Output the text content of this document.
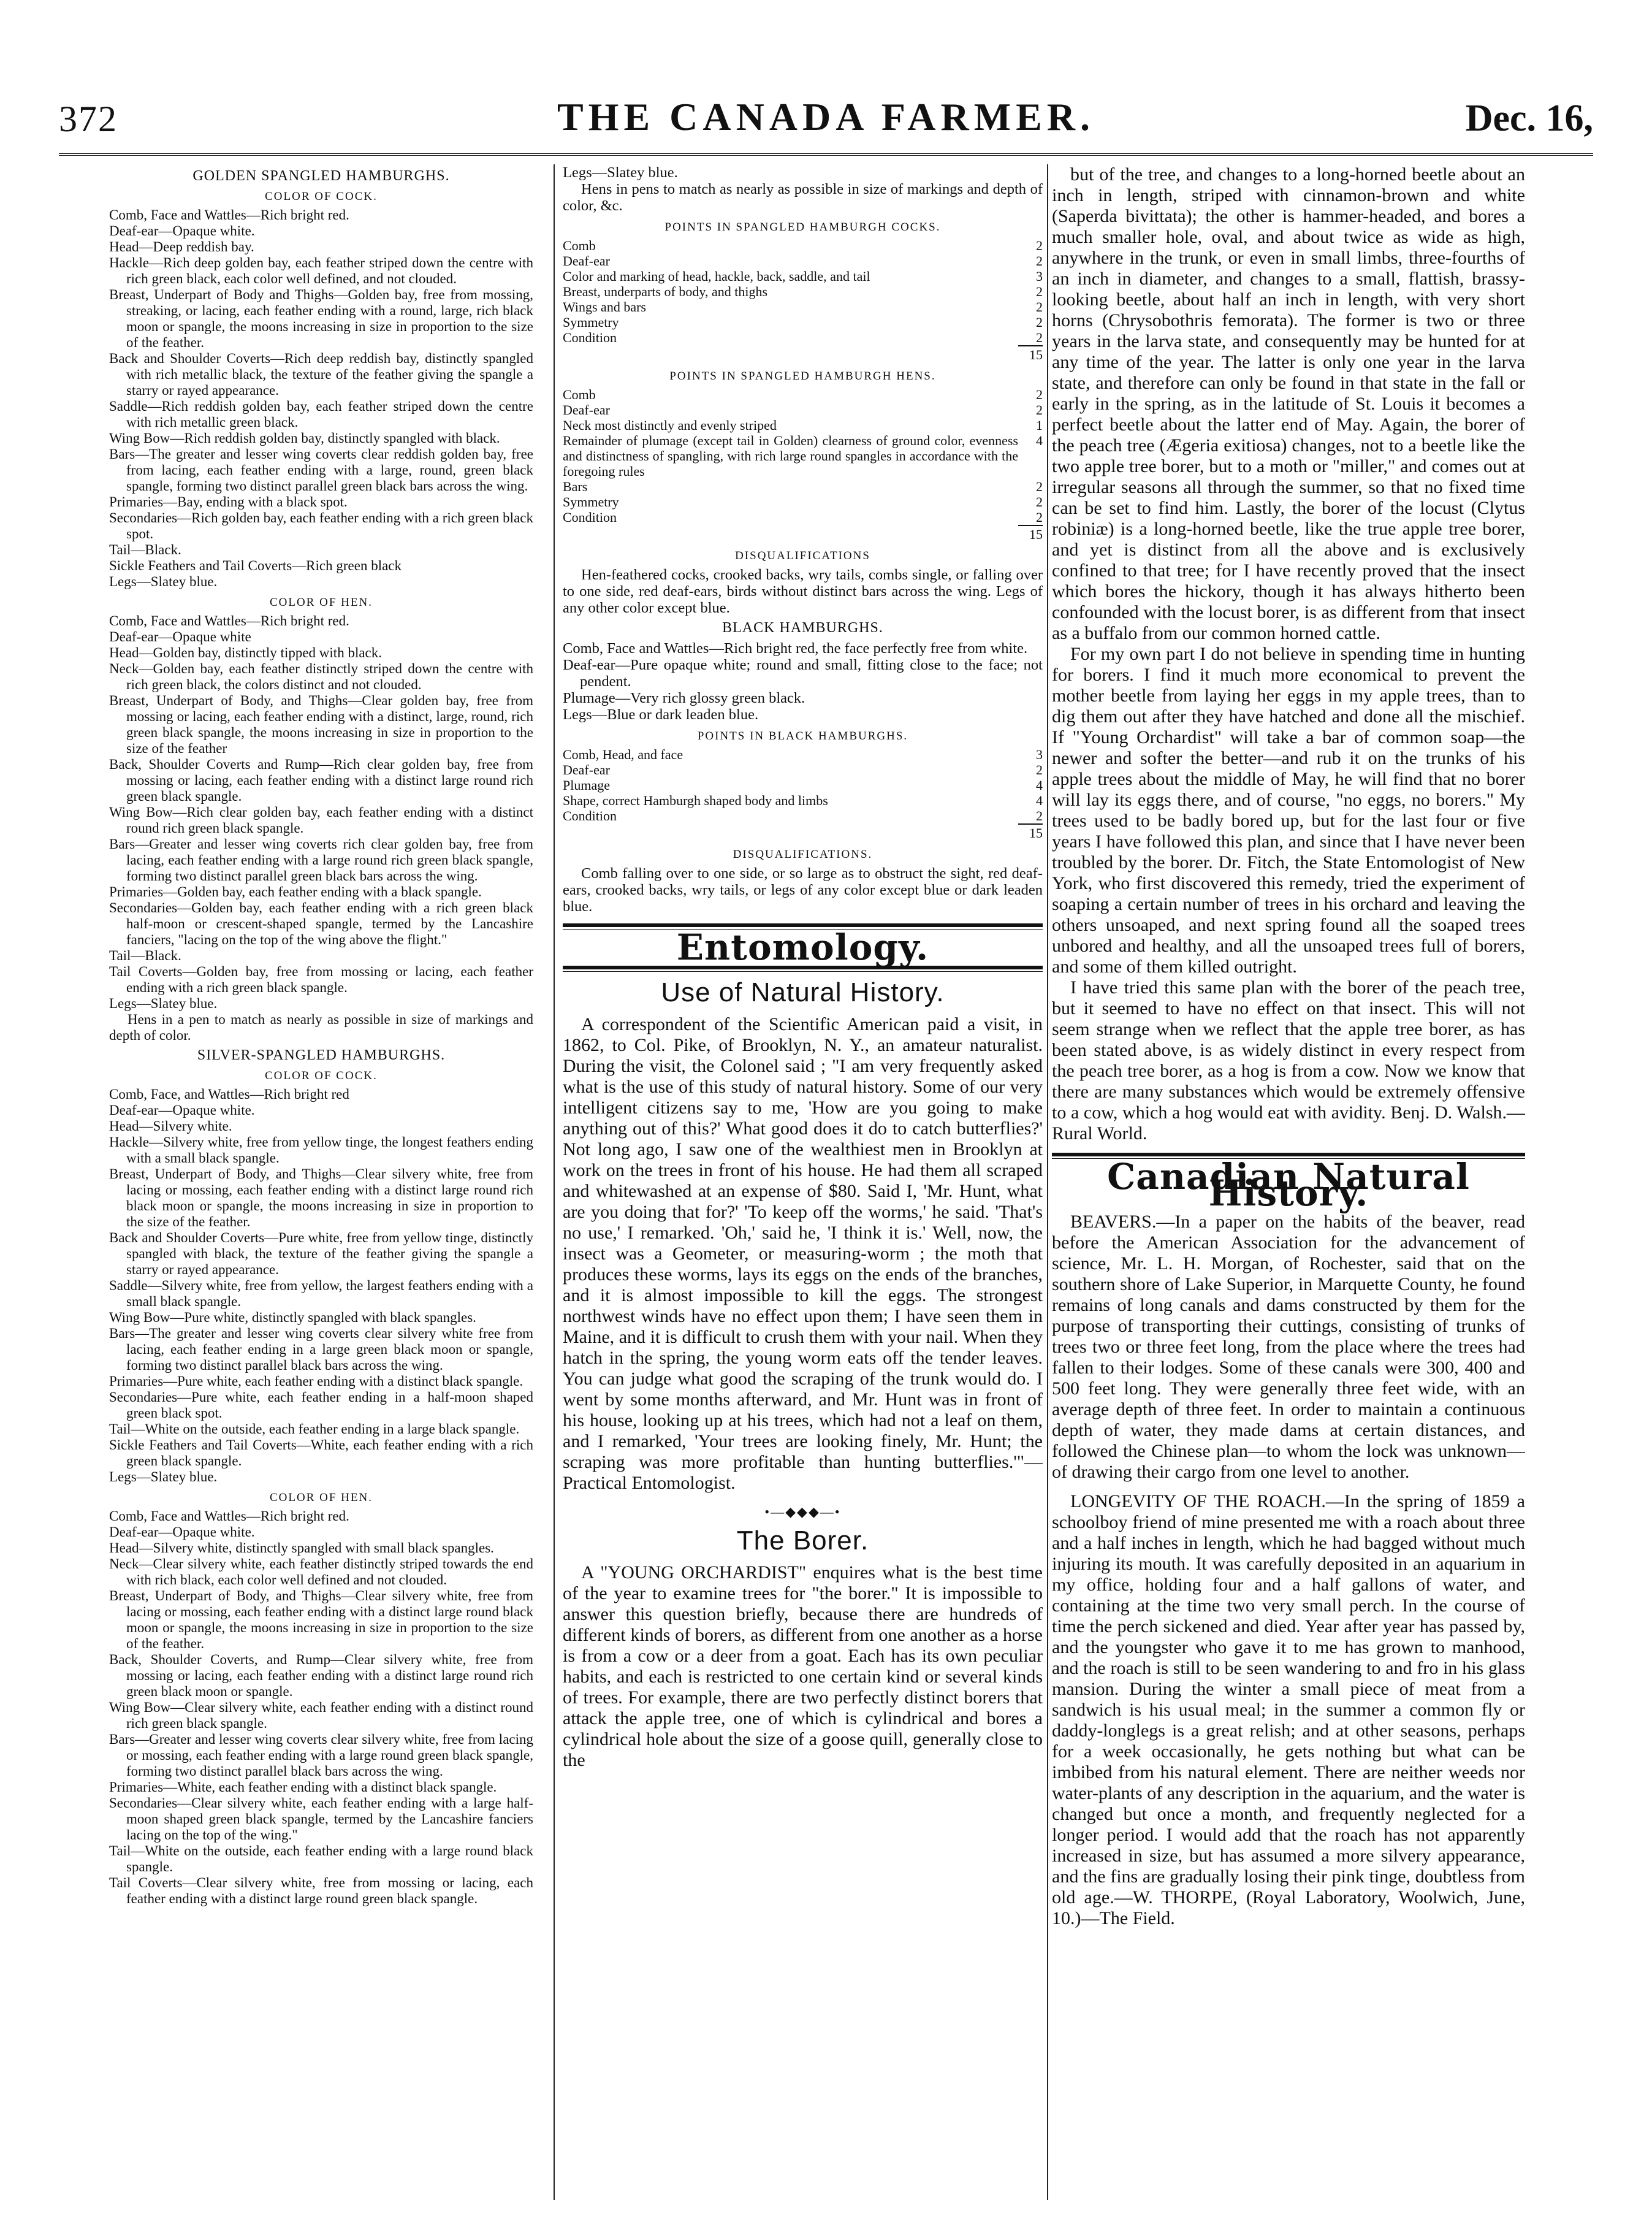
372	THE CANADA FARMER.	Dec. 16,
GOLDEN SPANGLED HAMBURGHS.
COLOR OF COCK.

Comb, Face and Wattles—Rich bright red.

Deaf-ear—Opaque white.

Head—Deep reddish bay.

Hackle—Rich deep golden bay, each feather striped down the centre with rich green black, each color well defined, and not clouded.

Breast, Underpart of Body and Thighs—Golden bay, free from mossing, streaking, or lacing, each feather ending with a round, large, rich black moon or spangle, the moons increasing in size in proportion to the size of the feather.

Back and Shoulder Coverts—Rich deep reddish bay, distinctly spangled with rich metallic black, the texture of the feather giving the spangle a starry or rayed appearance.

Saddle—Rich reddish golden bay, each feather striped down the centre with rich metallic green black.

Wing Bow—Rich reddish golden bay, distinctly spangled with black.

Bars—The greater and lesser wing coverts clear reddish golden bay, free from lacing, each feather ending with a large, round, green black spangle, forming two distinct parallel green black bars across the wing.

Primaries—Bay, ending with a black spot.

Secondaries—Rich golden bay, each feather ending with a rich green black spot.

Tail—Black.

Sickle Feathers and Tail Coverts—Rich green black

Legs—Slatey blue.

COLOR OF HEN.

Comb, Face and Wattles—Rich bright red.

Deaf-ear—Opaque white

Head—Golden bay, distinctly tipped with black.

Neck—Golden bay, each feather distinctly striped down the centre with rich green black, the colors distinct and not clouded.

Breast, Underpart of Body, and Thighs—Clear golden bay, free from mossing or lacing, each feather ending with a distinct, large, round, rich green black spangle, the moons increasing in size in proportion to the size of the feather

Back, Shoulder Coverts and Rump—Rich clear golden bay, free from mossing or lacing, each feather ending with a distinct large round rich green black spangle.

Wing Bow—Rich clear golden bay, each feather ending with a distinct round rich green black spangle.

Bars—Greater and lesser wing coverts rich clear golden bay, free from lacing, each feather ending with a large round rich green black spangle, forming two distinct parallel green black bars across the wing.

Primaries—Golden bay, each feather ending with a black spangle.

Secondaries—Golden bay, each feather ending with a rich green black half-moon or crescent-shaped spangle, termed by the Lancashire fanciers, "lacing on the top of the wing above the flight."

Tail—Black.

Tail Coverts—Golden bay, free from mossing or lacing, each feather ending with a rich green black spangle.

Legs—Slatey blue.

Hens in a pen to match as nearly as possible in size of markings and depth of color.

SILVER-SPANGLED HAMBURGHS.
COLOR OF COCK.

Comb, Face, and Wattles—Rich bright red

Deaf-ear—Opaque white.

Head—Silvery white.

Hackle—Silvery white, free from yellow tinge, the longest feathers ending with a small black spangle.

Breast, Underpart of Body, and Thighs—Clear silvery white, free from lacing or mossing, each feather ending with a distinct large round rich black moon or spangle, the moons increasing in size in proportion to the size of the feather.

Back and Shoulder Coverts—Pure white, free from yellow tinge, distinctly spangled with black, the texture of the feather giving the spangle a starry or rayed appearance.

Saddle—Silvery white, free from yellow, the largest feathers ending with a small black spangle.

Wing Bow—Pure white, distinctly spangled with black spangles.

Bars—The greater and lesser wing coverts clear silvery white free from lacing, each feather ending in a large green black moon or spangle, forming two distinct parallel black bars across the wing.

Primaries—Pure white, each feather ending with a distinct black spangle.

Secondaries—Pure white, each feather ending in a half-moon shaped green black spot.

Tail—White on the outside, each feather ending in a large black spangle.

Sickle Feathers and Tail Coverts—White, each feather ending with a rich green black spangle.

Legs—Slatey blue.

COLOR OF HEN.

Comb, Face and Wattles—Rich bright red.

Deaf-ear—Opaque white.

Head—Silvery white, distinctly spangled with small black spangles.

Neck—Clear silvery white, each feather distinctly striped towards the end with rich black, each color well defined and not clouded.

Breast, Underpart of Body, and Thighs—Clear silvery white, free from lacing or mossing, each feather ending with a distinct large round black moon or spangle, the moons increasing in size in proportion to the size of the feather.

Back, Shoulder Coverts, and Rump—Clear silvery white, free from mossing or lacing, each feather ending with a distinct large round rich green black moon or spangle.

Wing Bow—Clear silvery white, each feather ending with a distinct round rich green black spangle.

Bars—Greater and lesser wing coverts clear silvery white, free from lacing or mossing, each feather ending with a large round green black spangle, forming two distinct parallel black bars across the wing.

Primaries—White, each feather ending with a distinct black spangle.

Secondaries—Clear silvery white, each feather ending with a large half-moon shaped green black spangle, termed by the Lancashire fanciers lacing on the top of the wing."

Tail—White on the outside, each feather ending with a large round black spangle.

Tail Coverts—Clear silvery white, free from mossing or lacing, each feather ending with a distinct large round green black spangle.

Legs—Slatey blue.

Hens in pens to match as nearly as possible in size of markings and depth of color, &c.

POINTS IN SPANGLED HAMBURGH COCKS.
Comb	2
Deaf-ear	2
Color and marking of head, hackle, back, saddle, and tail	3
Breast, underparts of body, and thighs	2
Wings and bars	2
Symmetry	2
Condition	2
15
POINTS IN SPANGLED HAMBURGH HENS.
Comb	2
Deaf-ear	2
Neck most distinctly and evenly striped	1
Remainder of plumage (except tail in Golden) clearness of ground color, evenness and distinctness of spangling, with rich large round spangles in accordance with the foregoing rules	4
Bars	2
Symmetry	2
Condition	2
15
DISQUALIFICATIONS

Hen-feathered cocks, crooked backs, wry tails, combs single, or falling over to one side, red deaf-ears, birds without distinct bars across the wing. Legs of any other color except blue.

BLACK HAMBURGHS.

Comb, Face and Wattles—Rich bright red, the face perfectly free from white.

Deaf-ear—Pure opaque white; round and small, fitting close to the face; not pendent.

Plumage—Very rich glossy green black.

Legs—Blue or dark leaden blue.

POINTS IN BLACK HAMBURGHS.
Comb, Head, and face	3
Deaf-ear	2
Plumage	4
Shape, correct Hamburgh shaped body and limbs	4
Condition	2
15
DISQUALIFICATIONS.

Comb falling over to one side, or so large as to obstruct the sight, red deaf-ears, crooked backs, wry tails, or legs of any color except blue or dark leaden blue.

Entomology.
Use of Natural History.

A correspondent of the Scientific American paid a visit, in 1862, to Col. Pike, of Brooklyn, N. Y., an amateur naturalist. During the visit, the Colonel said ; "I am very frequently asked what is the use of this study of natural history. Some of our very intelligent citizens say to me, 'How are you going to make anything out of this?' What good does it do to catch butterflies?' Not long ago, I saw one of the wealthiest men in Brooklyn at work on the trees in front of his house. He had them all scraped and whitewashed at an expense of $80. Said I, 'Mr. Hunt, what are you doing that for?' 'To keep off the worms,' he said. 'That's no use,' I remarked. 'Oh,' said he, 'I think it is.' Well, now, the insect was a Geometer, or measuring-worm ; the moth that produces these worms, lays its eggs on the ends of the branches, and it is almost impossible to kill the eggs. The strongest northwest winds have no effect upon them; I have seen them in Maine, and it is difficult to crush them with your nail. When they hatch in the spring, the young worm eats off the tender leaves. You can judge what good the scraping of the trunk would do. I went by some months afterward, and Mr. Hunt was in front of his house, looking up at his trees, which had not a leaf on them, and I remarked, 'Your trees are looking finely, Mr. Hunt; the scraping was more profitable than hunting butterflies.'"—Practical Entomologist.

•—◆◆◆—•
The Borer.

A "YOUNG ORCHARDIST" enquires what is the best time of the year to examine trees for "the borer." It is impossible to answer this question briefly, because there are hundreds of different kinds of borers, as different from one another as a horse is from a cow or a deer from a goat. Each has its own peculiar habits, and each is restricted to one certain kind or several kinds of trees. For example, there are two perfectly distinct borers that attack the apple tree, one of which is cylindrical and bores a cylindrical hole about the size of a goose quill, generally close to the

but of the tree, and changes to a long-horned beetle about an inch in length, striped with cinnamon-brown and white (Saperda bivittata); the other is hammer-headed, and bores a much smaller hole, oval, and about twice as wide as high, anywhere in the trunk, or even in small limbs, three-fourths of an inch in diameter, and changes to a small, flattish, brassy-looking beetle, about half an inch in length, with very short horns (Chrysobothris femorata). The former is two or three years in the larva state, and consequently may be hunted for at any time of the year. The latter is only one year in the larva state, and therefore can only be found in that state in the fall or early in the spring, as in the latitude of St. Louis it becomes a perfect beetle about the latter end of May. Again, the borer of the peach tree (Ægeria exitiosa) changes, not to a beetle like the two apple tree borer, but to a moth or "miller," and comes out at irregular seasons all through the summer, so that no fixed time can be set to find him. Lastly, the borer of the locust (Clytus robiniæ) is a long-horned beetle, like the true apple tree borer, and yet is distinct from all the above and is exclusively confined to that tree; for I have recently proved that the insect which bores the hickory, though it has always hitherto been confounded with the locust borer, is as different from that insect as a buffalo from our common horned cattle.

For my own part I do not believe in spending time in hunting for borers. I find it much more economical to prevent the mother beetle from laying her eggs in my apple trees, than to dig them out after they have hatched and done all the mischief. If "Young Orchardist" will take a bar of common soap—the newer and softer the better—and rub it on the trunks of his apple trees about the middle of May, he will find that no borer will lay its eggs there, and of course, "no eggs, no borers." My trees used to be badly bored up, but for the last four or five years I have followed this plan, and since that I have never been troubled by the borer. Dr. Fitch, the State Entomologist of New York, who first discovered this remedy, tried the experiment of soaping a certain number of trees in his orchard and leaving the others unsoaped, and next spring found all the soaped trees unbored and healthy, and all the unsoaped trees full of borers, and some of them killed outright.

I have tried this same plan with the borer of the peach tree, but it seemed to have no effect on that insect. This will not seem strange when we reflect that the apple tree borer, as has been stated above, is as widely distinct in every respect from the peach tree borer, as a hog is from a cow. Now we know that there are many substances which would be extremely offensive to a cow, which a hog would eat with avidity. Benj. D. Walsh.—Rural World.

Canadian Natural History.

BEAVERS.—In a paper on the habits of the beaver, read before the American Association for the advancement of science, Mr. L. H. Morgan, of Rochester, said that on the southern shore of Lake Superior, in Marquette County, he found remains of long canals and dams constructed by them for the purpose of transporting their cuttings, consisting of trunks of trees two or three feet long, from the place where the trees had fallen to their lodges. Some of these canals were 300, 400 and 500 feet long. They were generally three feet wide, with an average depth of three feet. In order to maintain a continuous depth of water, they made dams at certain distances, and followed the Chinese plan—to whom the lock was unknown—of drawing their cargo from one level to another.

LONGEVITY OF THE ROACH.—In the spring of 1859 a schoolboy friend of mine presented me with a roach about three and a half inches in length, which he had bagged without much injuring its mouth. It was carefully deposited in an aquarium in my office, holding four and a half gallons of water, and containing at the time two very small perch. In the course of time the perch sickened and died. Year after year has passed by, and the youngster who gave it to me has grown to manhood, and the roach is still to be seen wandering to and fro in his glass mansion. During the winter a small piece of meat from a sandwich is his usual meal; in the summer a common fly or daddy-longlegs is a great relish; and at other seasons, perhaps for a week occasionally, he gets nothing but what can be imbibed from his natural element. There are neither weeds nor water-plants of any description in the aquarium, and the water is changed but once a month, and frequently neglected for a longer period. I would add that the roach has not apparently increased in size, but has assumed a more silvery appearance, and the fins are gradually losing their pink tinge, doubtless from old age.—W. THORPE, (Royal Laboratory, Woolwich, June, 10.)—The Field.
